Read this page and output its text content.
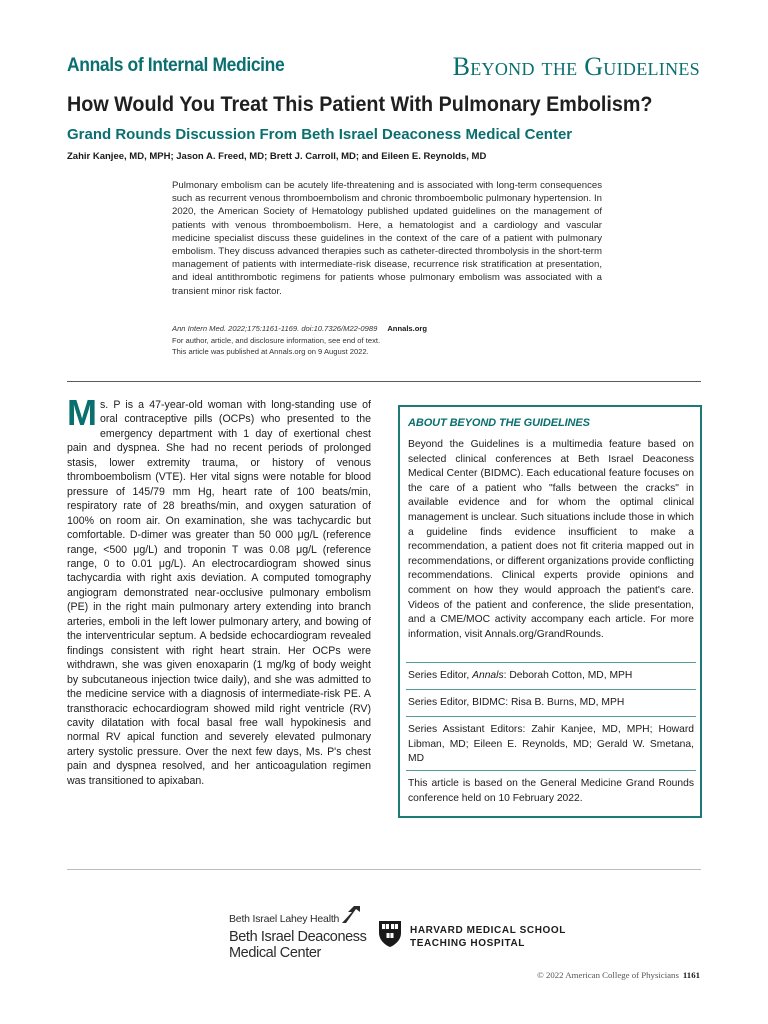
Annals of Internal Medicine	Beyond the Guidelines
How Would You Treat This Patient With Pulmonary Embolism?
Grand Rounds Discussion From Beth Israel Deaconess Medical Center
Zahir Kanjee, MD, MPH; Jason A. Freed, MD; Brett J. Carroll, MD; and Eileen E. Reynolds, MD
Pulmonary embolism can be acutely life-threatening and is associated with long-term consequences such as recurrent venous thromboembolism and chronic thromboembolic pulmonary hypertension. In 2020, the American Society of Hematology published updated guidelines on the management of patients with venous thromboembolism. Here, a hematologist and a cardiology and vascular medicine specialist discuss these guidelines in the context of the care of a patient with pulmonary embolism. They discuss advanced therapies such as catheter-directed thrombolysis in the short-term management of patients with intermediate-risk disease, recurrence risk stratification at presentation, and ideal antithrombotic regimens for patients whose pulmonary embolism was associated with a transient minor risk factor.
Ann Intern Med. 2022;175:1161-1169. doi:10.7326/M22-0989 Annals.org
For author, article, and disclosure information, see end of text.
This article was published at Annals.org on 9 August 2022.
Ms. P is a 47-year-old woman with long-standing use of oral contraceptive pills (OCPs) who presented to the emergency department with 1 day of exertional chest pain and dyspnea. She had no recent periods of prolonged stasis, lower extremity trauma, or history of venous thromboembolism (VTE). Her vital signs were notable for blood pressure of 145/79 mm Hg, heart rate of 100 beats/min, respiratory rate of 28 breaths/min, and oxygen saturation of 100% on room air. On examination, she was tachycardic but comfortable. D-dimer was greater than 50 000 μg/L (reference range, <500 μg/L) and troponin T was 0.08 μg/L (reference range, 0 to 0.01 μg/L). An electrocardiogram showed sinus tachycardia with right axis deviation. A computed tomography angiogram demonstrated near-occlusive pulmonary embolism (PE) in the right main pulmonary artery extending into branch arteries, emboli in the left lower pulmonary artery, and bowing of the interventricular septum. A bedside echocardiogram revealed findings consistent with right heart strain. Her OCPs were withdrawn, she was given enoxaparin (1 mg/kg of body weight by subcutaneous injection twice daily), and she was admitted to the medicine service with a diagnosis of intermediate-risk PE. A transthoracic echocardiogram showed mild right ventricle (RV) cavity dilatation with focal basal free wall hypokinesis and normal RV apical function and severely elevated pulmonary artery systolic pressure. Over the next few days, Ms. P's chest pain and dyspnea resolved, and her anticoagulation regimen was transitioned to apixaban.
ABOUT BEYOND THE GUIDELINES
Beyond the Guidelines is a multimedia feature based on selected clinical conferences at Beth Israel Deaconess Medical Center (BIDMC). Each educational feature focuses on the care of a patient who "falls between the cracks" in available evidence and for whom the optimal clinical management is unclear. Such situations include those in which a guideline finds evidence insufficient to make a recommendation, a patient does not fit criteria mapped out in recommendations, or different organizations provide conflicting recommendations. Clinical experts provide opinions and comment on how they would approach the patient's care. Videos of the patient and conference, the slide presentation, and a CME/MOC activity accompany each article. For more information, visit Annals.org/GrandRounds.
Series Editor, Annals: Deborah Cotton, MD, MPH
Series Editor, BIDMC: Risa B. Burns, MD, MPH
Series Assistant Editors: Zahir Kanjee, MD, MPH; Howard Libman, MD; Eileen E. Reynolds, MD; Gerald W. Smetana, MD
This article is based on the General Medicine Grand Rounds conference held on 10 February 2022.
Beth Israel Lahey Health
Beth Israel Deaconess
Medical Center
HARVARD MEDICAL SCHOOL
TEACHING HOSPITAL
© 2022 American College of Physicians 1161
